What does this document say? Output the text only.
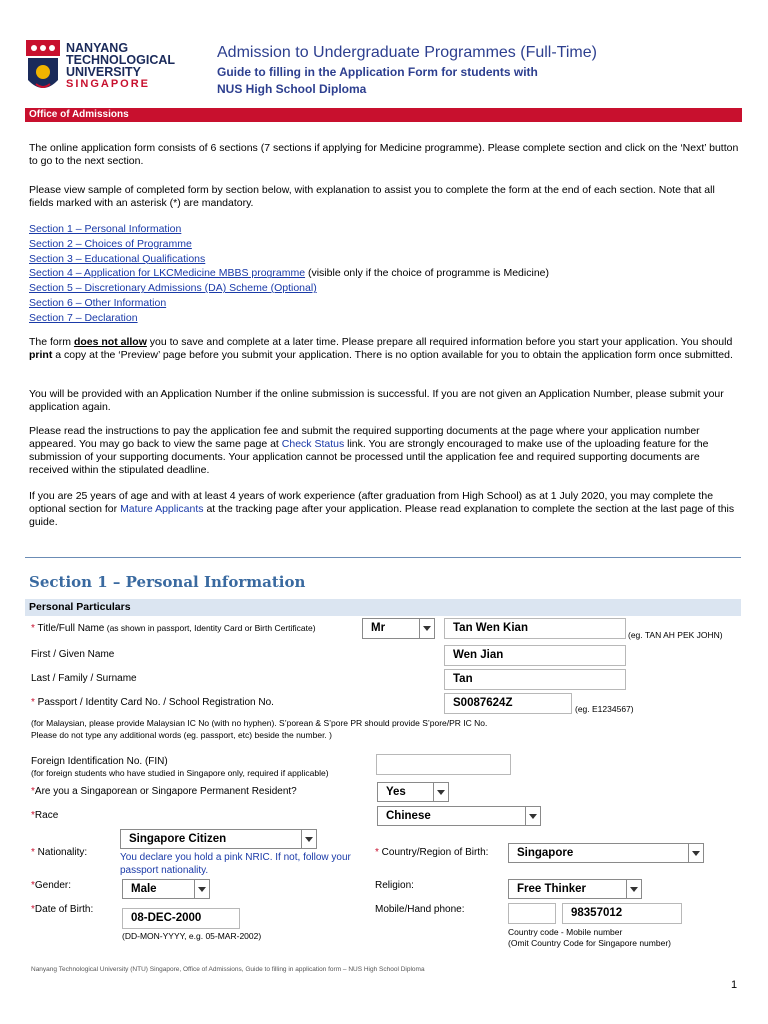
NANYANG
TECHNOLOGICAL
UNIVERSITY
SINGAPORE
Admission to Undergraduate Programmes (Full-Time)
Guide to filling in the Application Form for students with
NUS High School Diploma
Office of Admissions

The online application form consists of 6 sections (7 sections if applying for Medicine programme). Please complete section and click on the ‘Next’ button to go to the next section.

Please view sample of completed form by section below, with explanation to assist you to complete the form at the end of each section. Note that all fields marked with an asterisk (*) are mandatory.

Section 1 – Personal Information
Section 2 – Choices of Programme
Section 3 – Educational Qualifications
Section 4 – Application for LKCMedicine MBBS programme (visible only if the choice of programme is Medicine)
Section 5 – Discretionary Admissions (DA) Scheme (Optional)
Section 6 – Other Information
Section 7 – Declaration

The form does not allow you to save and complete at a later time. Please prepare all required information before you start your application. You should print a copy at the ‘Preview’ page before you submit your application. There is no option available for you to obtain the application form once submitted.

You will be provided with an Application Number if the online submission is successful. If you are not given an Application Number, please submit your application again.

Please read the instructions to pay the application fee and submit the required supporting documents at the page where your application number appeared. You may go back to view the same page at Check Status link. You are strongly encouraged to make use of the uploading feature for the submission of your supporting documents. Your application cannot be processed until the application fee and required supporting documents are received within the stipulated deadline.

If you are 25 years of age and with at least 4 years of work experience (after graduation from High School) as at 1 July 2020, you may complete the optional section for Mature Applicants at the tracking page after your application. Please read explanation to complete the section at the last page of this guide.

Section 1 – Personal Information
Personal Particulars
* Title/Full Name (as shown in passport, Identity Card or Birth Certificate)	Mr	Tan Wen Kian
(eg. TAN AH PEK JOHN)
First / Given Name	Wen Jian
Last / Family / Surname	Tan
* Passport / Identity Card No. / School Registration No.	S0087624Z	(eg. E1234567)
(for Malaysian, please provide Malaysian IC No (with no hyphen). S’porean & S’pore PR should provide S’pore/PR IC No.
Please do not type any additional words (eg. passport, etc) beside the number. )
Foreign Identification No. (FIN)
(for foreign students who have studied in Singapore only, required if applicable)
*Are you a Singaporean or Singapore Permanent Resident?	Yes
*Race	Chinese
* Nationality:
Singapore Citizen
You declare you hold a pink NRIC. If not, follow your passport nationality.
* Country/Region of Birth:	Singapore
*Gender:	Male	Religion:	Free Thinker
*Date of Birth:
08-DEC-2000
(DD-MON-YYYY, e.g. 05-MAR-2002)
Mobile/Hand phone:	98357012
Country code - Mobile number
(Omit Country Code for Singapore number)
Nanyang Technological University (NTU) Singapore, Office of Admissions, Guide to filling in application form – NUS High School Diploma
1
